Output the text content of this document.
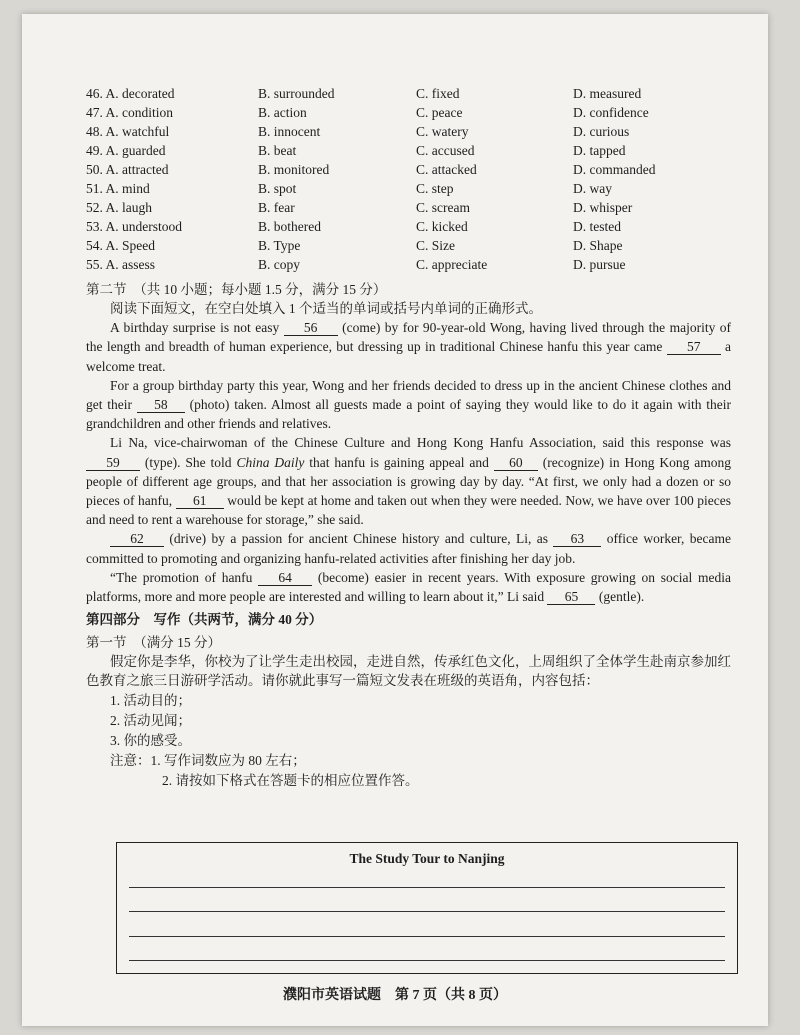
46. A. decorated	B. surrounded	C. fixed	D. measured
47. A. condition	B. action	C. peace	D. confidence
48. A. watchful	B. innocent	C. watery	D. curious
49. A. guarded	B. beat	C. accused	D. tapped
50. A. attracted	B. monitored	C. attacked	D. commanded
51. A. mind	B. spot	C. step	D. way
52. A. laugh	B. fear	C. scream	D. whisper
53. A. understood	B. bothered	C. kicked	D. tested
54. A. Speed	B. Type	C. Size	D. Shape
55. A. assess	B. copy	C. appreciate	D. pursue
第二节　（共 10 小题；每小题 1.5 分，满分 15 分）

阅读下面短文，在空白处填入 1 个适当的单词或括号内单词的正确形式。

A birthday surprise is not easy 56 (come) by for 90-year-old Wong, having lived through the majority of the length and breadth of human experience, but dressing up in traditional Chinese hanfu this year came 57 a welcome treat.

For a group birthday party this year, Wong and her friends decided to dress up in the ancient Chinese clothes and get their 58 (photo) taken. Almost all guests made a point of saying they would like to do it again with their grandchildren and other friends and relatives.

Li Na, vice-chairwoman of the Chinese Culture and Hong Kong Hanfu Association, said this response was 59 (type). She told China Daily that hanfu is gaining appeal and 60 (recognize) in Hong Kong among people of different age groups, and that her association is growing day by day. “At first, we only had a dozen or so pieces of hanfu, 61 would be kept at home and taken out when they were needed. Now, we have over 100 pieces and need to rent a warehouse for storage,” she said.

62 (drive) by a passion for ancient Chinese history and culture, Li, as 63 office worker, became committed to promoting and organizing hanfu-related activities after finishing her day job.

“The promotion of hanfu 64 (become) easier in recent years. With exposure growing on social media platforms, more and more people are interested and willing to learn about it,” Li said 65 (gentle).

第四部分　写作（共两节，满分 40 分）
第一节　（满分 15 分）

假定你是李华，你校为了让学生走出校园，走进自然，传承红色文化，上周组织了全体学生赴南京参加红色教育之旅三日游研学活动。请你就此事写一篇短文发表在班级的英语角，内容包括：

1. 活动目的；
2. 活动见闻；
3. 你的感受。
注意：1. 写作词数应为 80 左右；
2. 请按如下格式在答题卡的相应位置作答。
The Study Tour to Nanjing
濮阳市英语试题　第 7 页（共 8 页）
